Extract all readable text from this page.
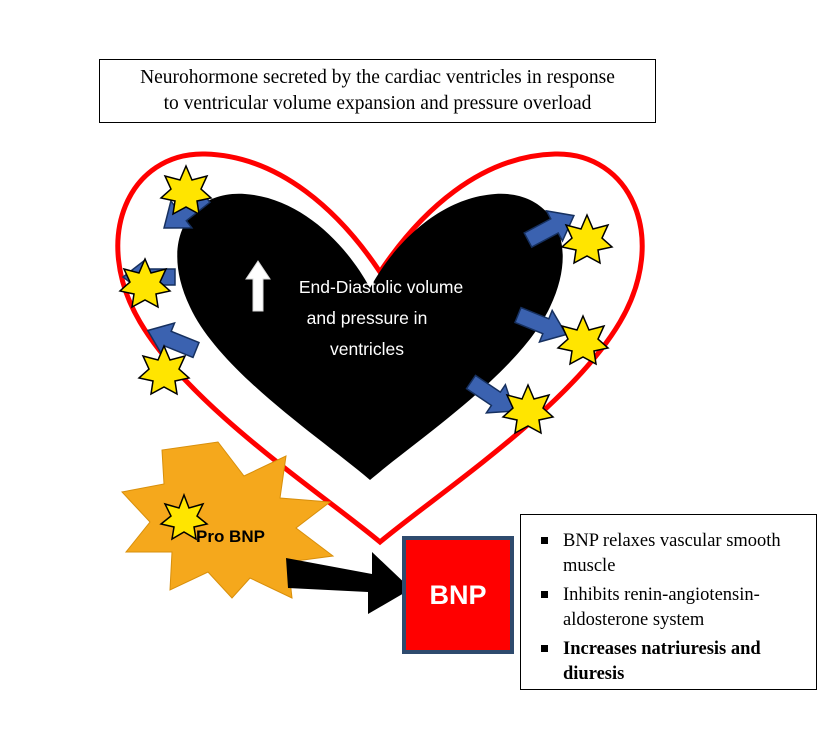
Neurohormone secreted by the cardiac ventricles in response
to ventricular volume expansion and pressure overload
End-Diastolic volume
and pressure in
ventricles
Pro BNP
BNP
BNP relaxes vascular smooth muscle
Inhibits renin-angiotensin-aldosterone system
Increases natriuresis and diuresis
